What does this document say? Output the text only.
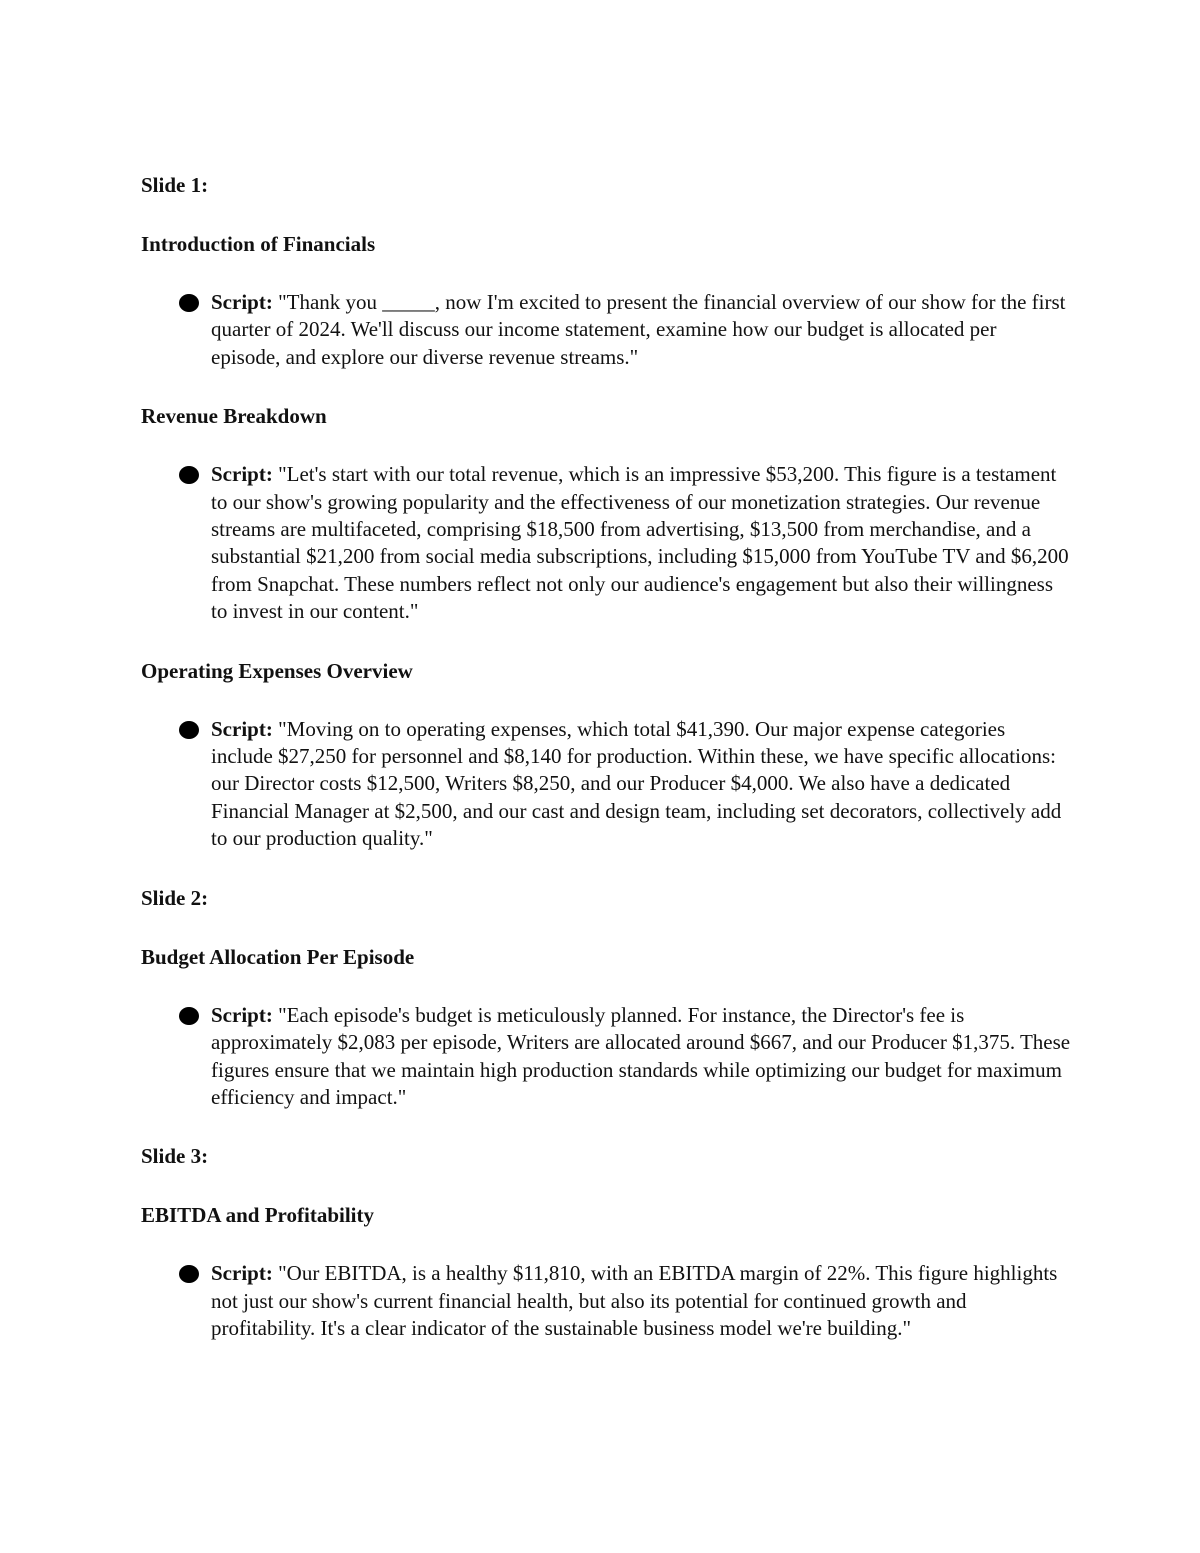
Slide 1:

Introduction of Financials

Script: "Thank you _____, now I'm excited to present the financial overview of our show for the first quarter of 2024. We'll discuss our income statement, examine how our budget is allocated per episode, and explore our diverse revenue streams."

Revenue Breakdown

Script: "Let's start with our total revenue, which is an impressive $53,200. This figure is a testament to our show's growing popularity and the effectiveness of our monetization strategies. Our revenue streams are multifaceted, comprising $18,500 from advertising, $13,500 from merchandise, and a substantial $21,200 from social media subscriptions, including $15,000 from YouTube TV and $6,200 from Snapchat. These numbers reflect not only our audience's engagement but also their willingness to invest in our content."

Operating Expenses Overview

Script: "Moving on to operating expenses, which total $41,390. Our major expense categories include $27,250 for personnel and $8,140 for production. Within these, we have specific allocations: our Director costs $12,500, Writers $8,250, and our Producer $4,000. We also have a dedicated Financial Manager at $2,500, and our cast and design team, including set decorators, collectively add to our production quality."

Slide 2:

Budget Allocation Per Episode

Script: "Each episode's budget is meticulously planned. For instance, the Director's fee is approximately $2,083 per episode, Writers are allocated around $667, and our Producer $1,375. These figures ensure that we maintain high production standards while optimizing our budget for maximum efficiency and impact."

Slide 3:

EBITDA and Profitability

Script: "Our EBITDA, is a healthy $11,810, with an EBITDA margin of 22%. This figure highlights not just our show's current financial health, but also its potential for continued growth and profitability. It's a clear indicator of the sustainable business model we're building."
